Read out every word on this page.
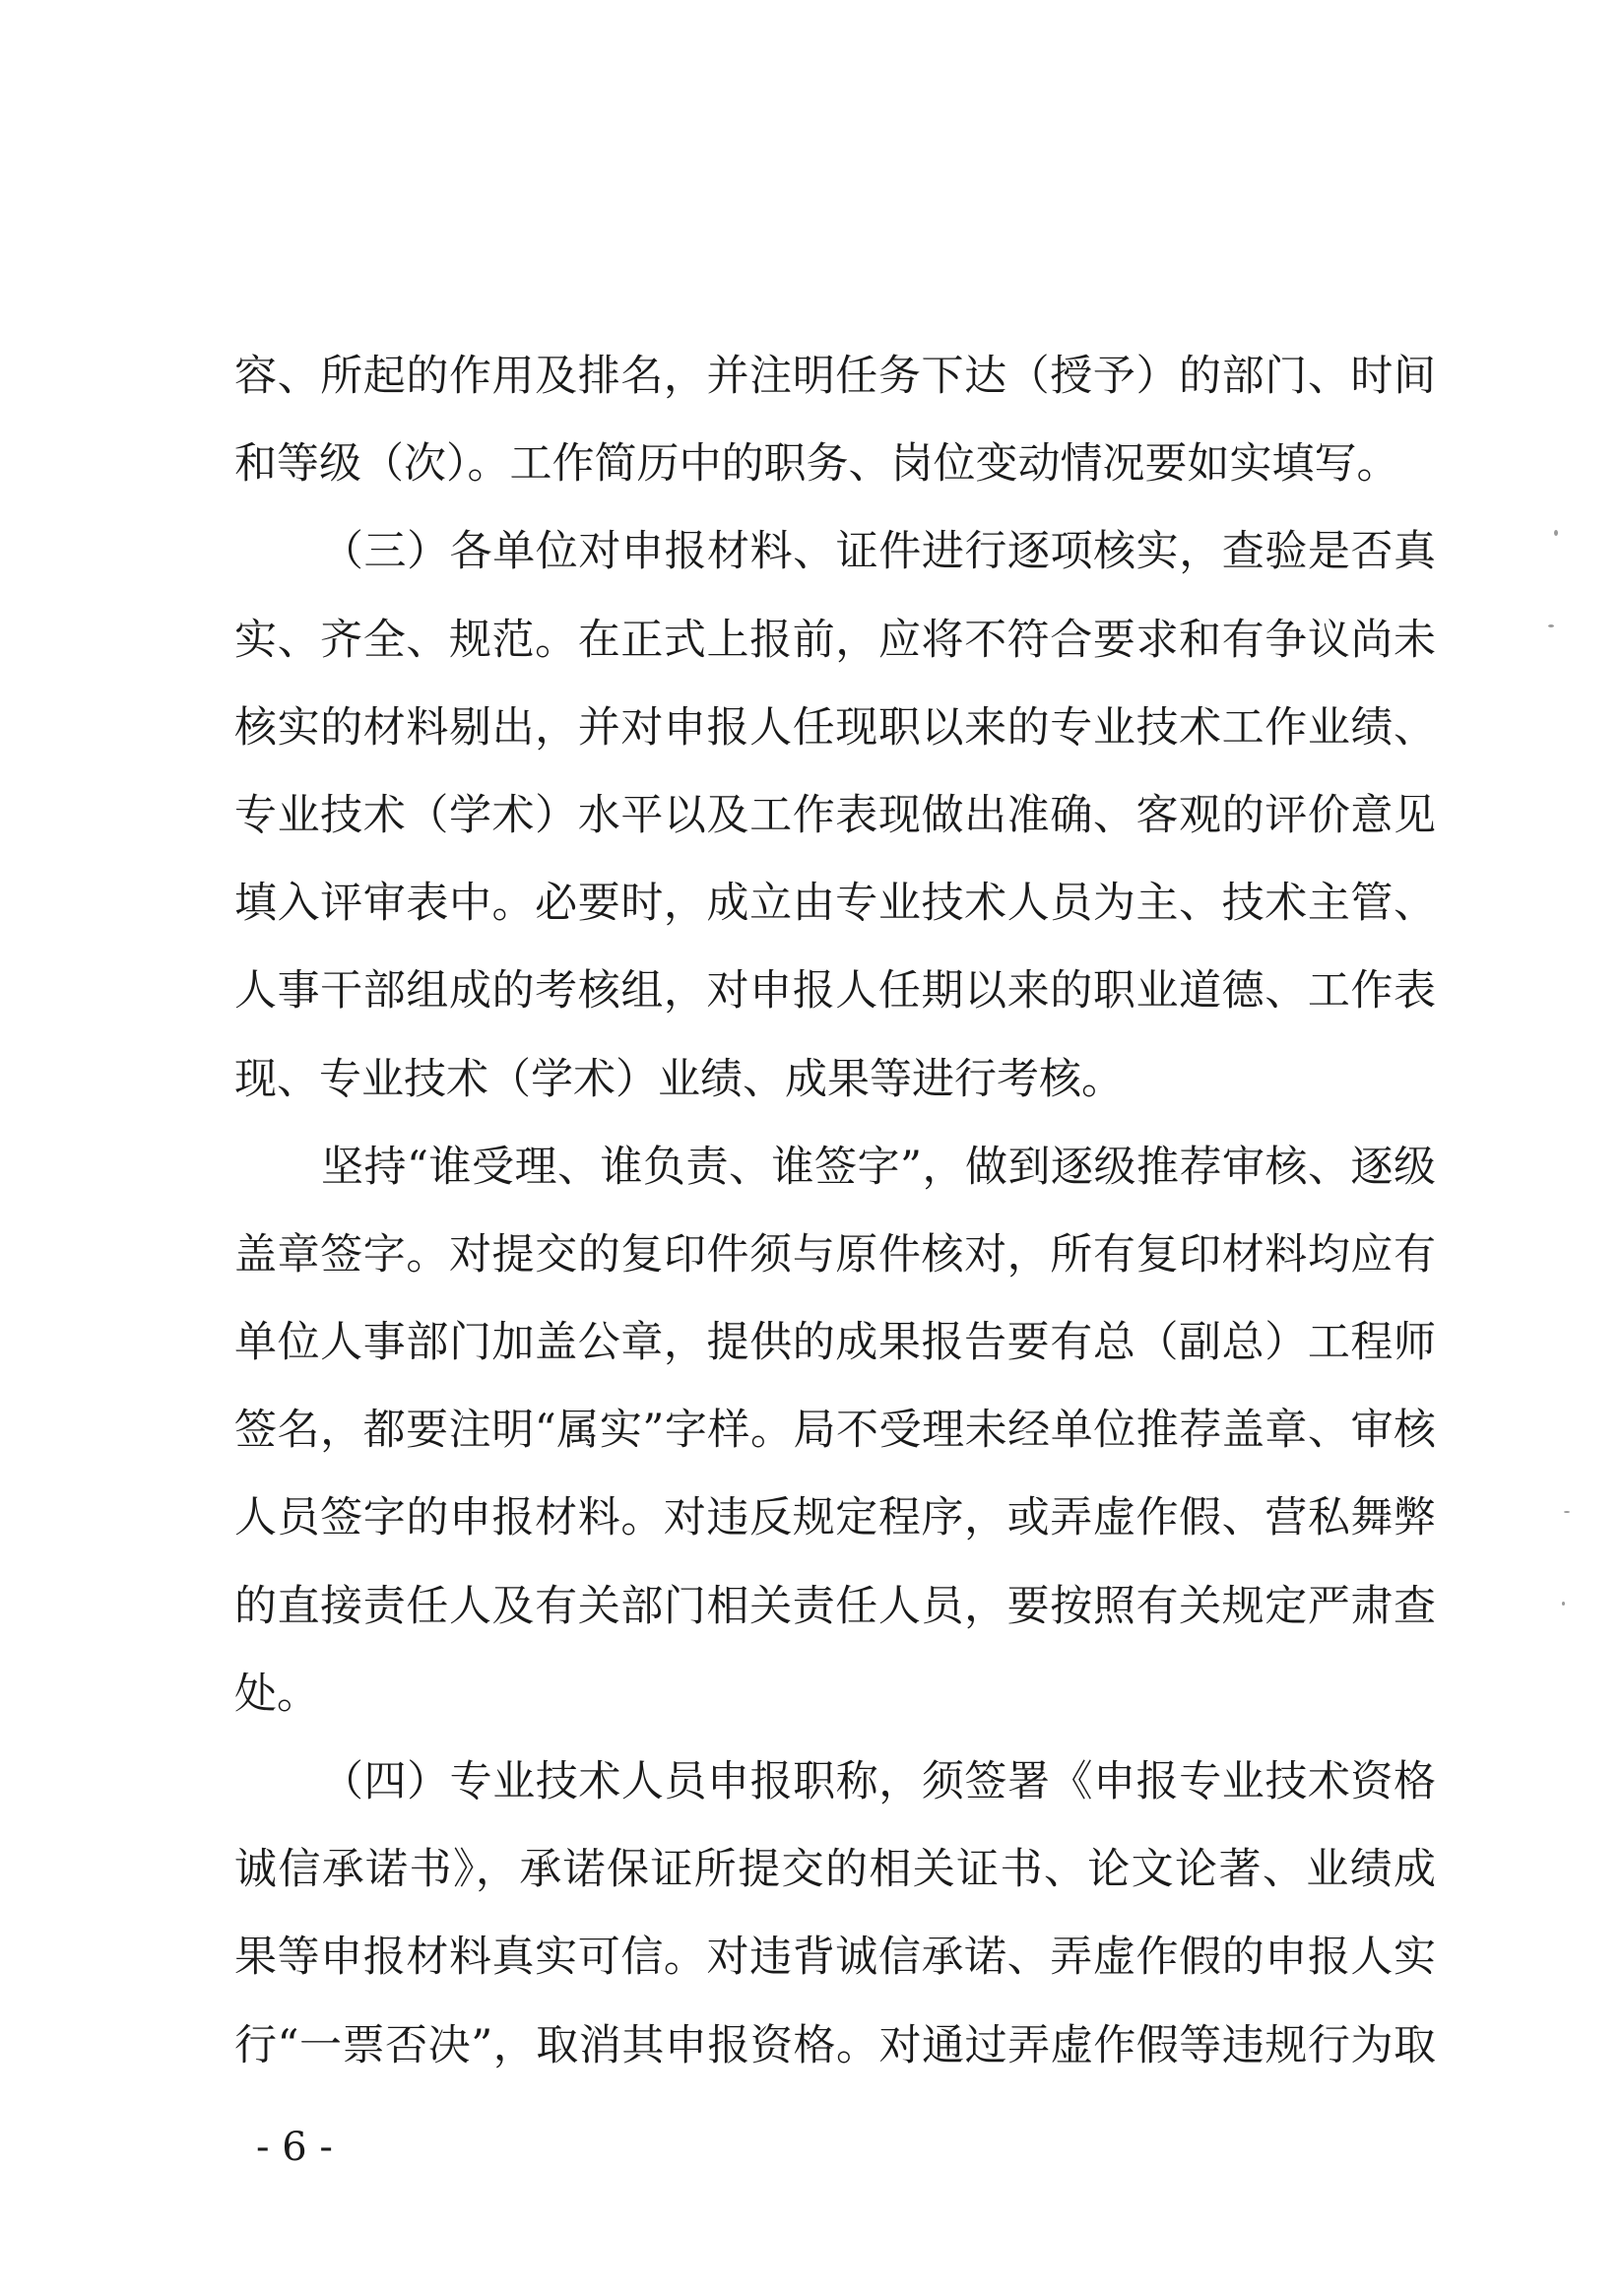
容、所起的作用及排名，并注明任务下达（授予）的部门、时间
和等级（次）。工作简历中的职务、岗位变动情况要如实填写。
（三）各单位对申报材料、证件进行逐项核实，查验是否真
实、齐全、规范。在正式上报前，应将不符合要求和有争议尚未
核实的材料剔出，并对申报人任现职以来的专业技术工作业绩、
专业技术（学术）水平以及工作表现做出准确、客观的评价意见
填入评审表中。必要时，成立由专业技术人员为主、技术主管、
人事干部组成的考核组，对申报人任期以来的职业道德、工作表
现、专业技术（学术）业绩、成果等进行考核。
坚持“谁受理、谁负责、谁签字”，做到逐级推荐审核、逐级
盖章签字。对提交的复印件须与原件核对，所有复印材料均应有
单位人事部门加盖公章，提供的成果报告要有总（副总）工程师
签名，都要注明“属实”字样。局不受理未经单位推荐盖章、审核
人员签字的申报材料。对违反规定程序，或弄虚作假、营私舞弊
的直接责任人及有关部门相关责任人员，要按照有关规定严肃查
处。
（四）专业技术人员申报职称，须签署《申报专业技术资格
诚信承诺书》，承诺保证所提交的相关证书、论文论著、业绩成
果等申报材料真实可信。对违背诚信承诺、弄虚作假的申报人实
行“一票否决”，取消其申报资格。对通过弄虚作假等违规行为取
- 6 -
